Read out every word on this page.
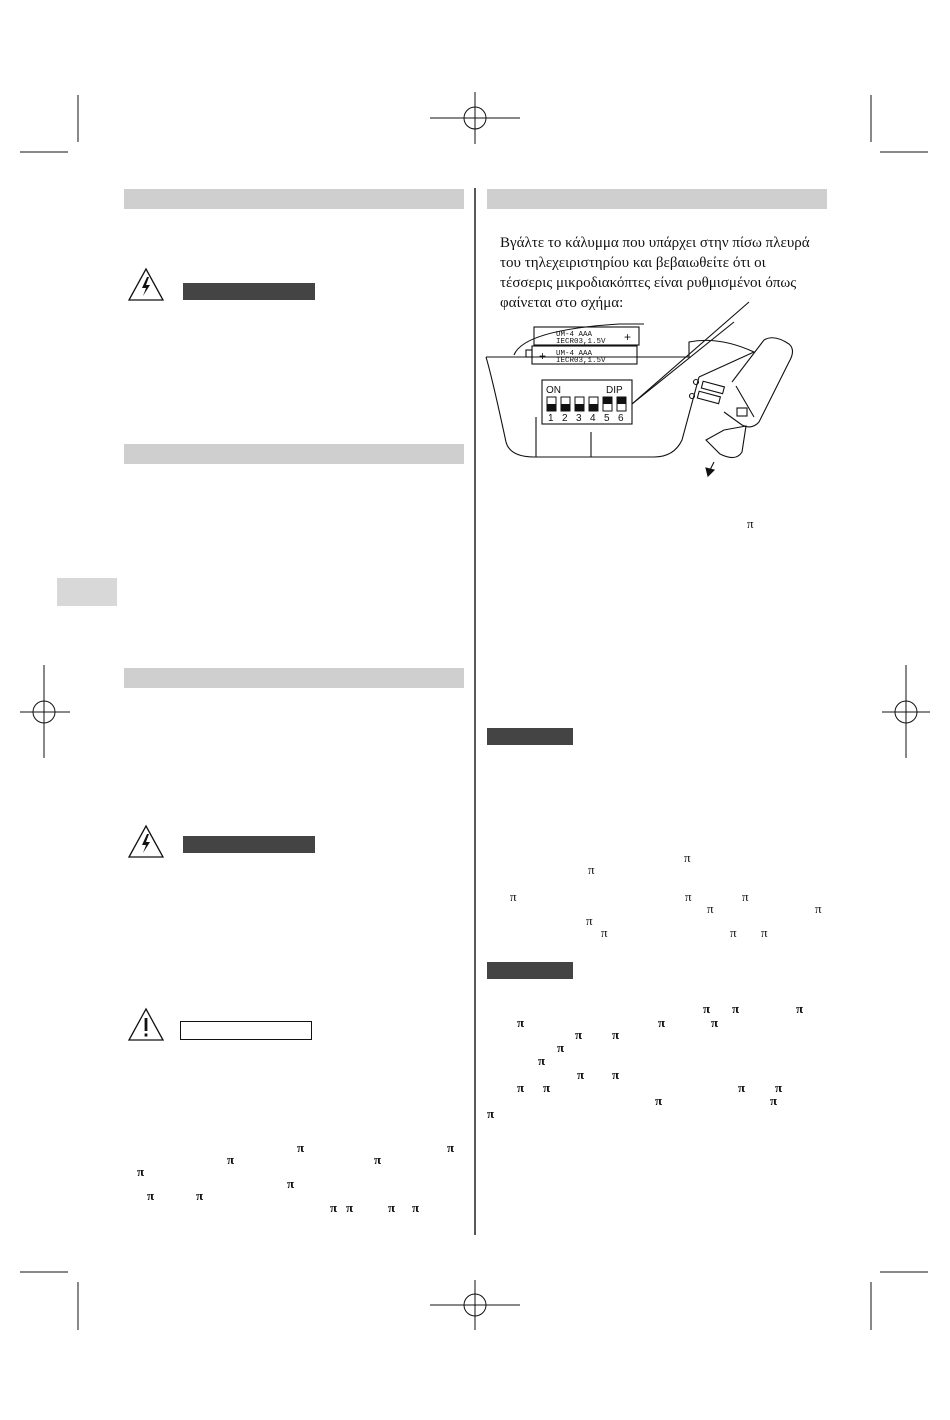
π	π
π	π
π
π
π	π
π π	π π
Βγάλτε το κάλυμμα που υπάρχει στην πίσω πλευρά
του τηλεχειριστηρίου και βεβαιωθείτε ότι οι
τέσσερις μικροδιακόπτες είναι ρυθμισμένοι όπως
φαίνεται στο σχήμα:
UM-4 AAA
IECR03,1.5V +
UM-4 AAA
IECR03,1.5V
+
ON	DIP
1 2 3 4 5 6
π
π
π
π	π	π
π	π
π
π	π π
π π	π
π	π	π
π π
π
π
π π
π π	π π
π	π
π
